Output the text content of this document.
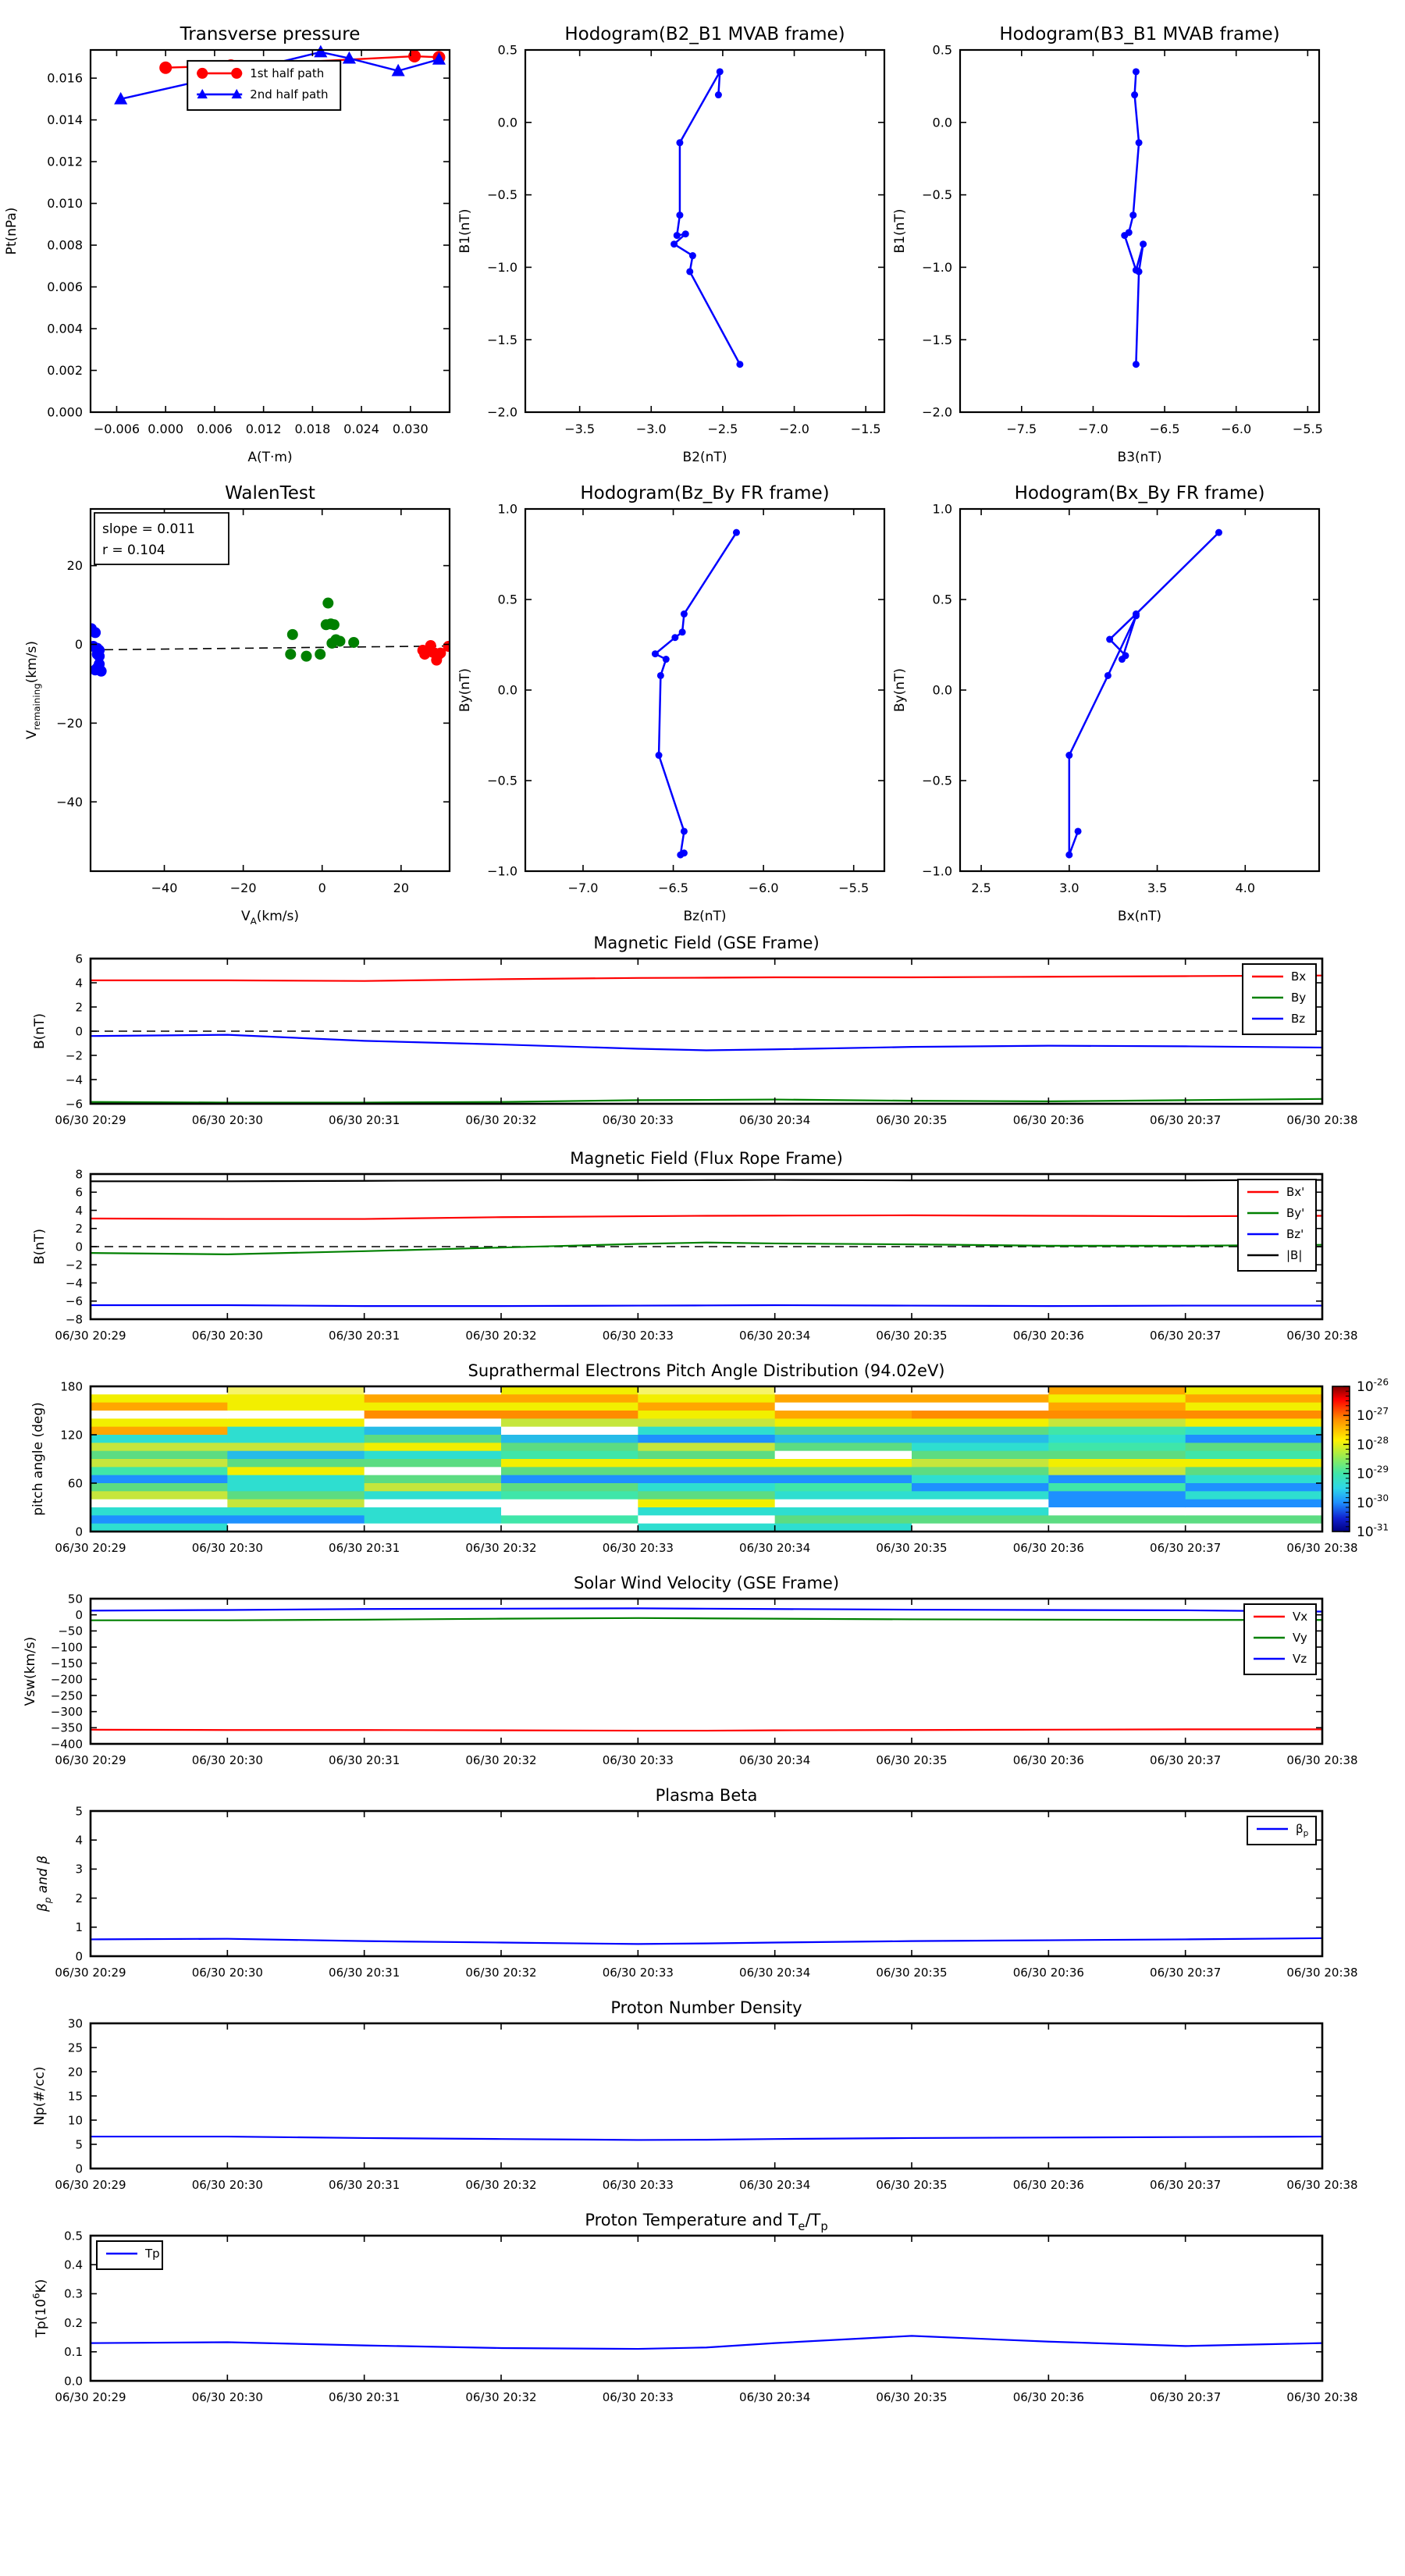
−0.006 0.000 0.006 0.012 0.018 0.024 0.030
0.000
0.002
0.004
0.006
0.008
0.010
0.012
0.014
0.016
Transverse pressure
A(T·m)
Pt(nPa)
1st half path
2nd half path
−3.5	−3.0	−2.5	−2.0	−1.5
0.5
0.0
−0.5
−1.0
−1.5
−2.0
Hodogram(B2_B1 MVAB frame)
B2(nT)
B1(nT)
−7.5	−7.0	−6.5	−6.0	−5.5
0.5
0.0
−0.5
−1.0
−1.5
−2.0
Hodogram(B3_B1 MVAB frame)
B3(nT)
B1(nT)
−40	−20	0	20
20
0
−20
−40
WalenTest
$V_A(km/s)$
$V_{remaining}(km/s)$
slope = 0.011
r = 0.104
−7.0	−6.5	−6.0	−5.5
1.0
0.5
0.0
−0.5
−1.0
Hodogram(Bz_By FR frame)
Bz(nT)
By(nT)
2.5	3.0	3.5	4.0
1.0
0.5
0.0
−0.5
−1.0
Hodogram(Bx_By FR frame)
Bx(nT)
By(nT)
06/30 20:29	06/30 20:30	06/30 20:31	06/30 20:32	06/30 20:33	06/30 20:34	06/30 20:35	06/30 20:36	06/30 20:37	06/30 20:38
−6
−4
−2
0
2
4
6
Magnetic Field (GSE Frame)
B(nT)
Bx
By
Bz
06/30 20:29	06/30 20:30	06/30 20:31	06/30 20:32	06/30 20:33	06/30 20:34	06/30 20:35	06/30 20:36	06/30 20:37	06/30 20:38
−8
−6
−4
−2
0
2
4
6
8
Magnetic Field (Flux Rope Frame)
B(nT)
Bx'
By'
Bz'
|B|
06/30 20:29	06/30 20:30	06/30 20:31	06/30 20:32	06/30 20:33	06/30 20:34	06/30 20:35	06/30 20:36	06/30 20:37	06/30 20:38
0
60
120
180
Suprathermal Electrons Pitch Angle Distribution (94.02eV)
pitch angle (deg)
$10^{-26}$
$10^{-27}$
$10^{-28}$
$10^{-29}$
$10^{-30}$
$10^{-31}$
06/30 20:29	06/30 20:30	06/30 20:31	06/30 20:32	06/30 20:33	06/30 20:34	06/30 20:35	06/30 20:36	06/30 20:37	06/30 20:38
50
0
−50
−100
−150
−200
−250
−300
−350
−400
Solar Wind Velocity (GSE Frame)
Vsw(km/s)
Vx
Vy
Vz
06/30 20:29	06/30 20:30	06/30 20:31	06/30 20:32	06/30 20:33	06/30 20:34	06/30 20:35	06/30 20:36	06/30 20:37	06/30 20:38
0
1
2
3
4
5
Plasma Beta
$\beta_p$ and β
$\beta_p$
06/30 20:29	06/30 20:30	06/30 20:31	06/30 20:32	06/30 20:33	06/30 20:34	06/30 20:35	06/30 20:36	06/30 20:37	06/30 20:38
0
5
10
15
20
25
30
Proton Number Density
Np(#/cc)
06/30 20:29	06/30 20:30	06/30 20:31	06/30 20:32	06/30 20:33	06/30 20:34	06/30 20:35	06/30 20:36	06/30 20:37	06/30 20:38
0.0
0.1
0.2
0.3
0.4
0.5
Proton Temperature and $T_e/T_p$
$Tp(10^6K)$
Tp
